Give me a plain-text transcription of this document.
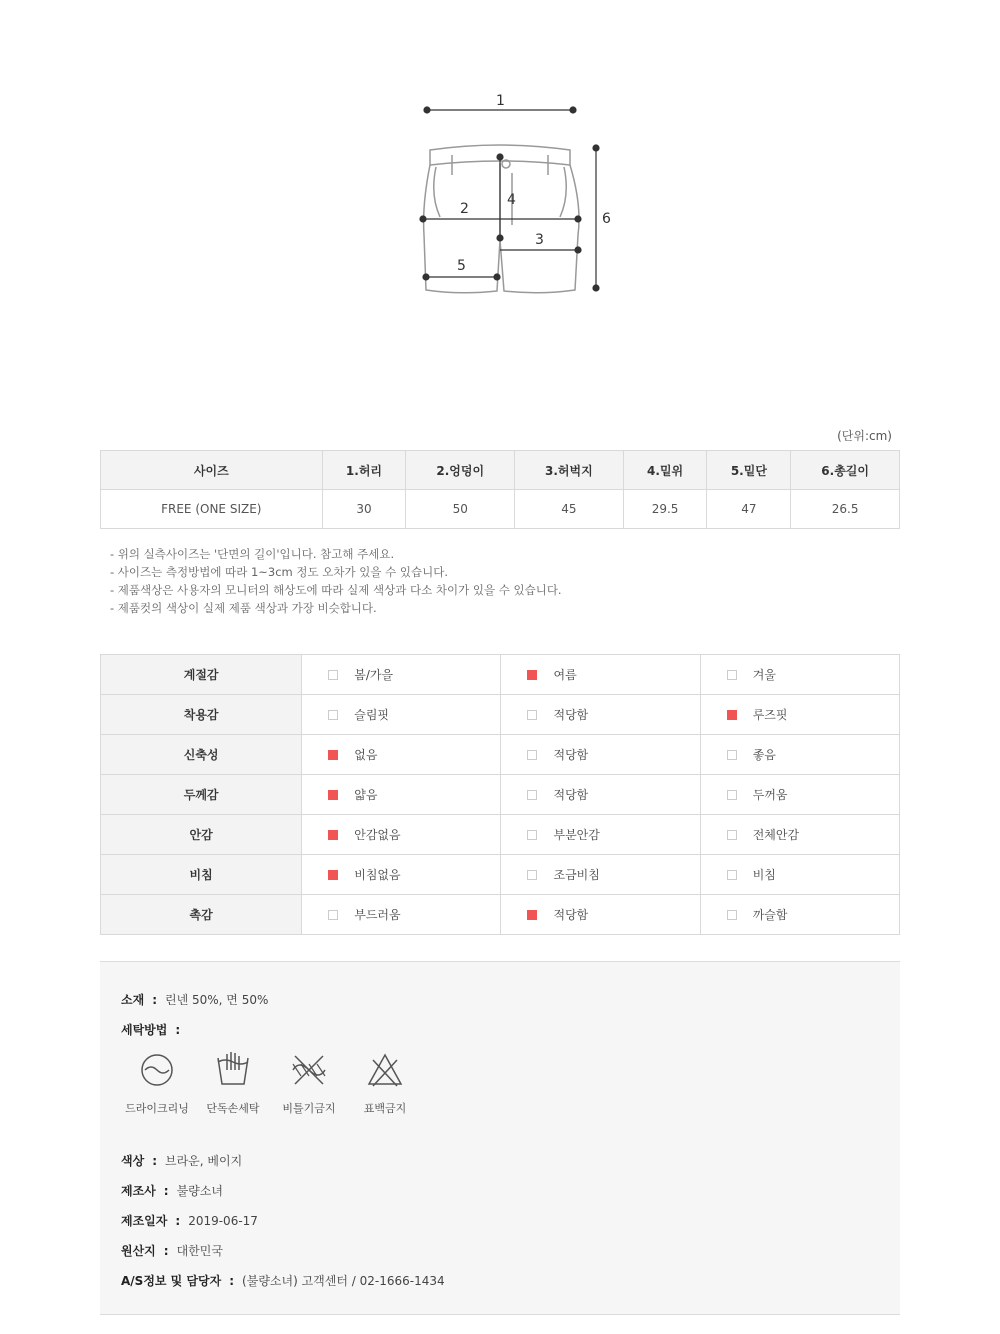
1
2
3
4
5
6
(단위:cm)
사이즈	1.허리	2.엉덩이	3.허벅지	4.밑위	5.밑단	6.총길이
FREE (ONE SIZE)	30	50	45	29.5	47	26.5
- 위의 실측사이즈는 '단면의 길이'입니다. 참고해 주세요.
- 사이즈는 측정방법에 따라 1~3cm 정도 오차가 있을 수 있습니다.
- 제품색상은 사용자의 모니터의 해상도에 따라 실제 색상과 다소 차이가 있을 수 있습니다.
- 제품컷의 색상이 실제 제품 색상과 가장 비슷합니다.
계절감	봄/가을	여름	겨울
착용감	슬림핏	적당함	루즈핏
신축성	없음	적당함	좋음
두께감	얇음	적당함	두꺼움
안감	안감없음	부분안감	전체안감
비침	비침없음	조금비침	비침
촉감	부드러움	적당함	까슬함
소재 : 린넨 50%, 면 50%
세탁방법 :
드라이크리닝	단독손세탁	비틀기금지	표백금지
색상 : 브라운, 베이지
제조사 : 불량소녀
제조일자 : 2019-06-17
원산지 : 대한민국
A/S정보 및 담당자 : (불량소녀) 고객센터 / 02-1666-1434
